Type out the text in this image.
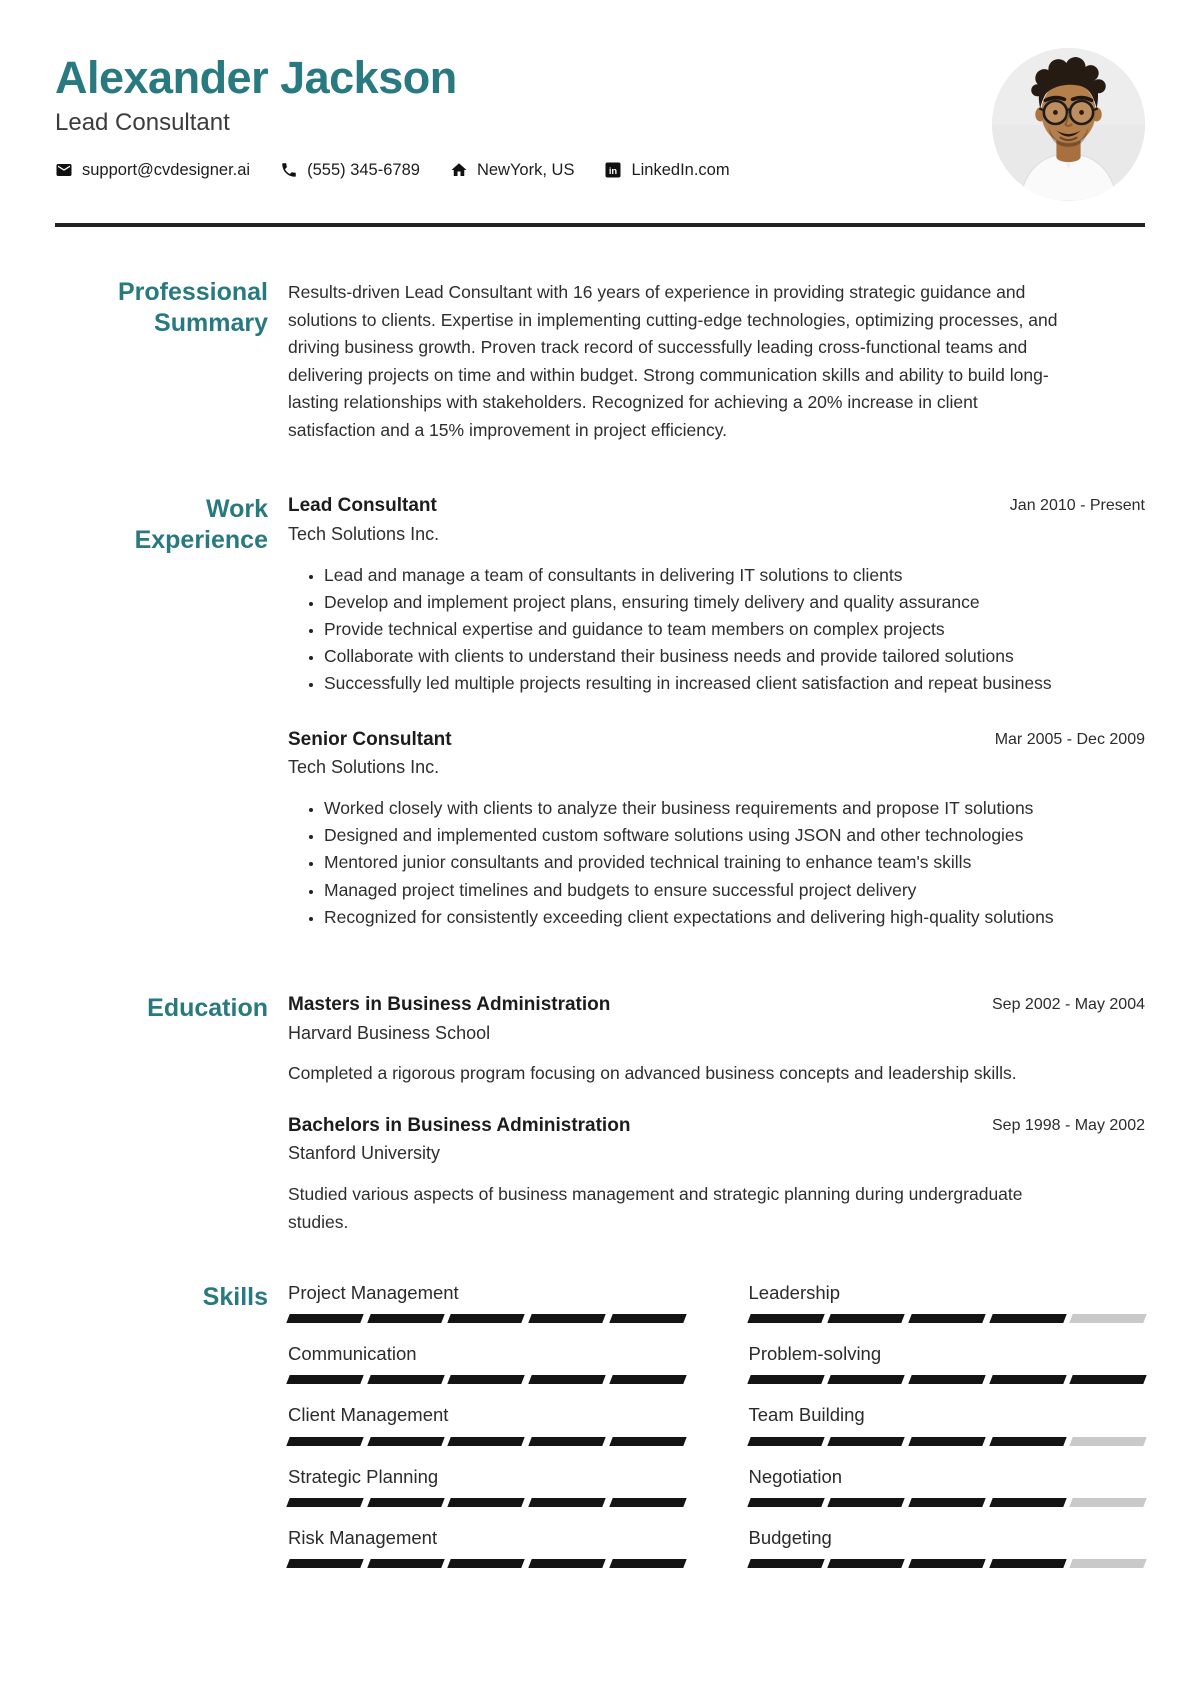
Alexander Jackson
Lead Consultant
support@cvdesigner.ai	(555) 345-6789	NewYork, US	in LinkedIn.com
Professional Summary

Results-driven Lead Consultant with 16 years of experience in providing strategic guidance and solutions to clients. Expertise in implementing cutting-edge technologies, optimizing processes, and driving business growth. Proven track record of successfully leading cross-functional teams and delivering projects on time and within budget. Strong communication skills and ability to build long-lasting relationships with stakeholders. Recognized for achieving a 20% increase in client satisfaction and a 15% improvement in project efficiency.

Work Experience
Lead Consultant
Tech Solutions Inc.
Jan 2010 - Present
• Lead and manage a team of consultants in delivering IT solutions to clients
• Develop and implement project plans, ensuring timely delivery and quality assurance
• Provide technical expertise and guidance to team members on complex projects
• Collaborate with clients to understand their business needs and provide tailored solutions
• Successfully led multiple projects resulting in increased client satisfaction and repeat business
Senior Consultant
Tech Solutions Inc.
Mar 2005 - Dec 2009
• Worked closely with clients to analyze their business requirements and propose IT solutions
• Designed and implemented custom software solutions using JSON and other technologies
• Mentored junior consultants and provided technical training to enhance team's skills
• Managed project timelines and budgets to ensure successful project delivery
• Recognized for consistently exceeding client expectations and delivering high-quality solutions
Education Masters in Business Administration
Harvard Business School
Sep 2002 - May 2004

Completed a rigorous program focusing on advanced business concepts and leadership skills.

Bachelors in Business Administration
Stanford University
Sep 1998 - May 2002

Studied various aspects of business management and strategic planning during undergraduate studies.

Skills Project Management	Leadership
Communication	Problem-solving
Client Management	Team Building
Strategic Planning	Negotiation
Risk Management	Budgeting
